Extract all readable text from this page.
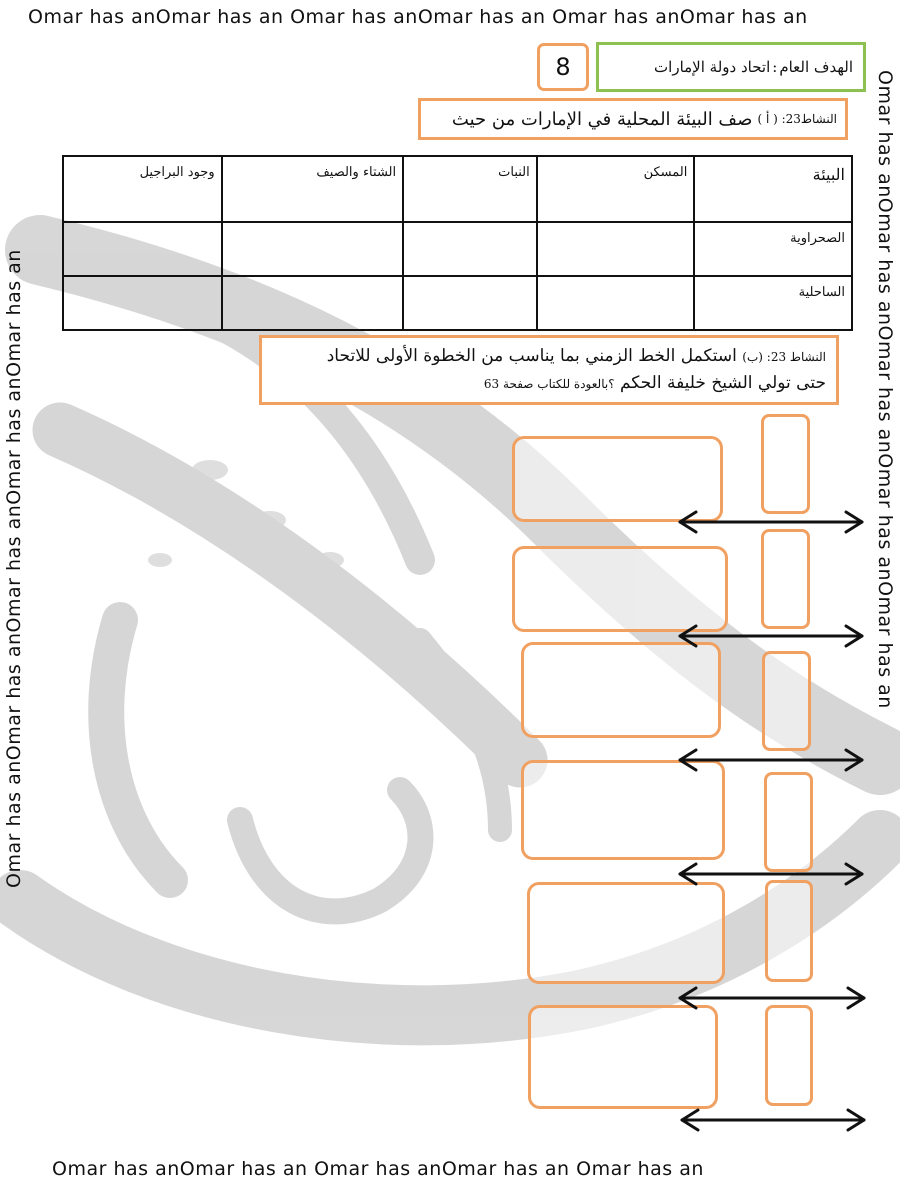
Omar has anOmar has an Omar has anOmar has an Omar has anOmar has an
Omar has anOmar has an Omar has anOmar has an Omar has an
Omar has anOmar has anOmar has anOmar has anOmar has an	Omar has anOmar has anOmar has anOmar has anOmar has an
8	الهدف العام
:
اتحاد دولة الإمارات
النشاط23: ( أ )

صف البيئة المحلية في الإمارات من حيث
البيئة	المسكن	النبات	الشتاء والصيف	وجود البراجيل
الصحراوية				
الساحلية				
النشاط 23: (ب) استكمل الخط الزمني بما يناسب من الخطوة الأولى للاتحاد
حتى تولي الشيخ خليفة الحكم ؟بالعودة للكتاب صفحة 63
